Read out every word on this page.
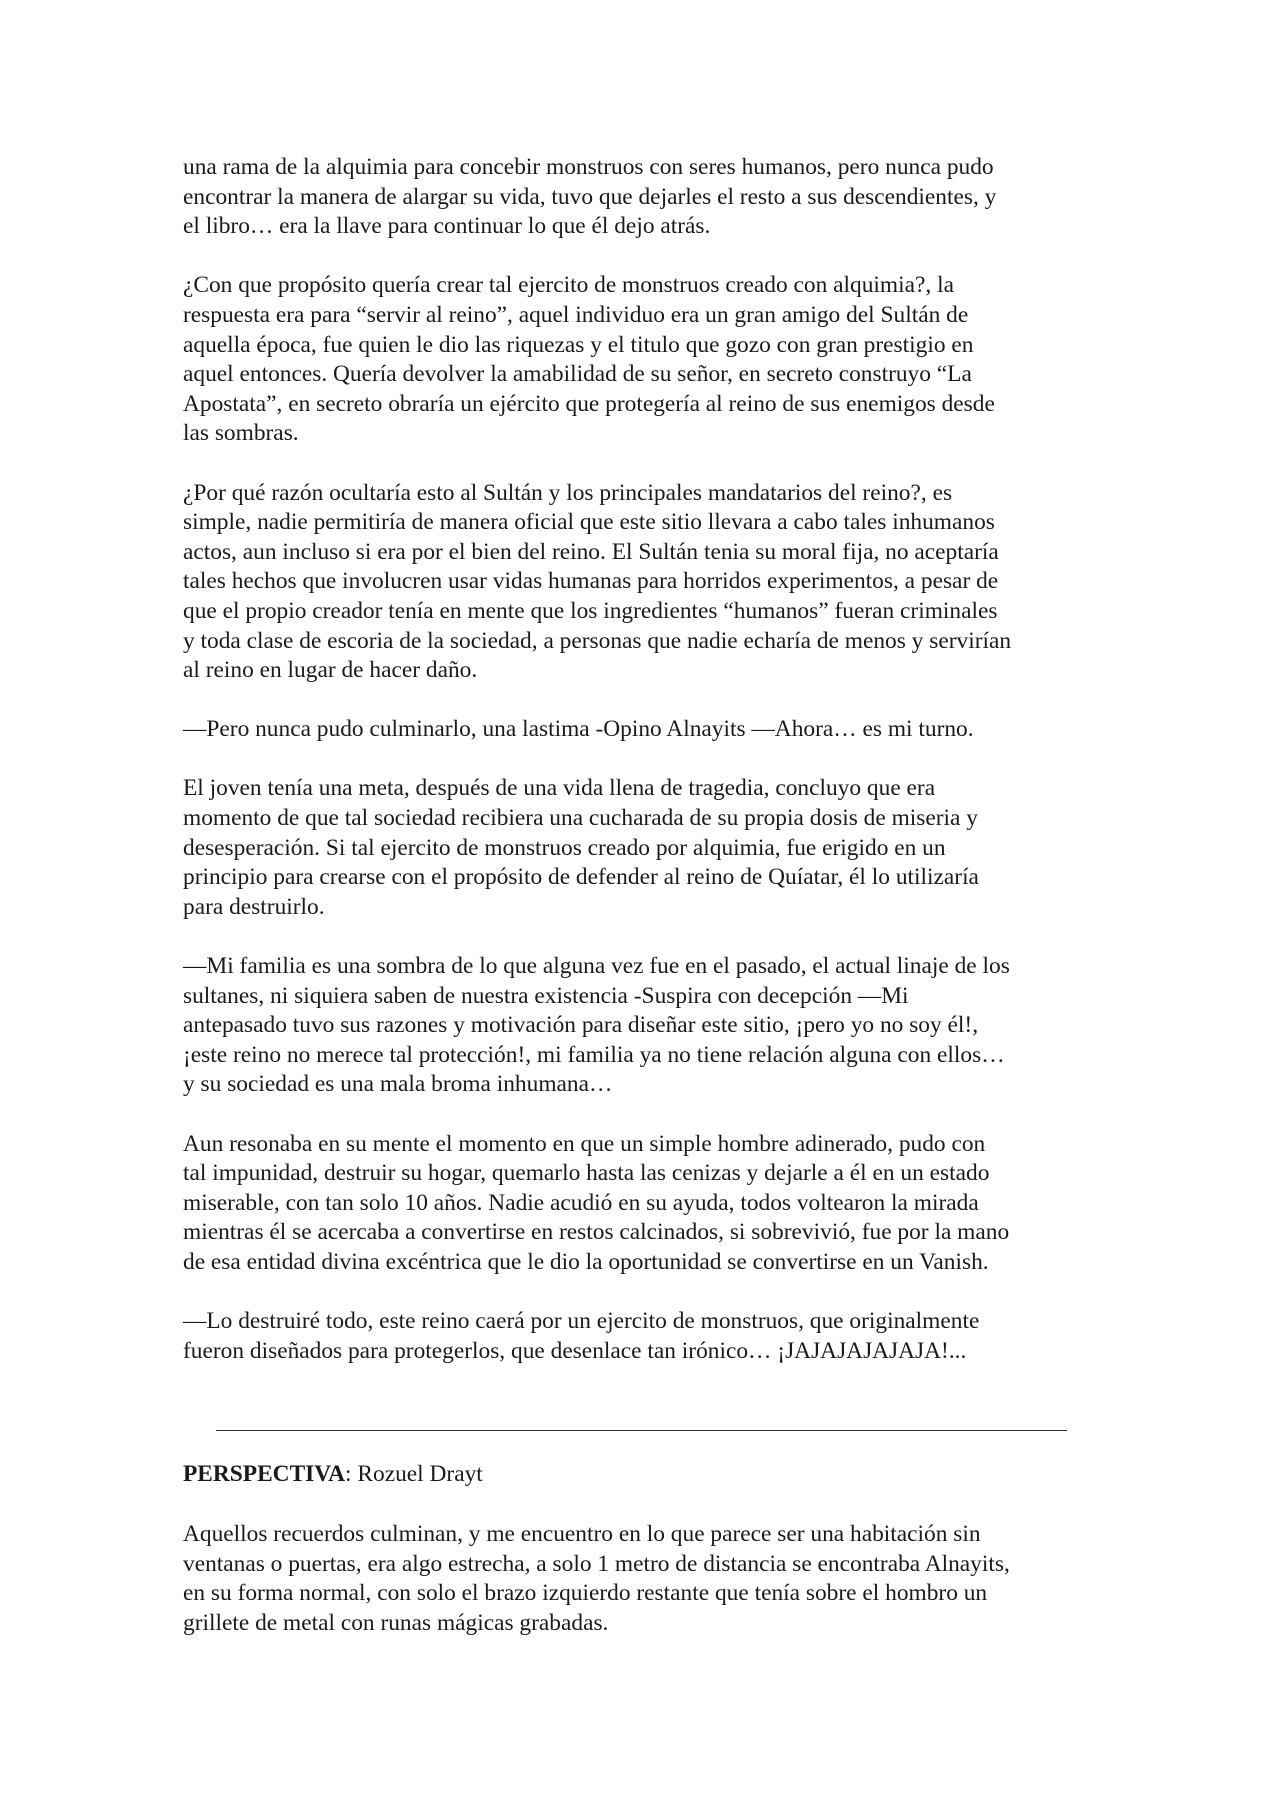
una rama de la alquimia para concebir monstruos con seres humanos, pero nunca pudo
encontrar la manera de alargar su vida, tuvo que dejarles el resto a sus descendientes, y
el libro… era la llave para continuar lo que él dejo atrás.

¿Con que propósito quería crear tal ejercito de monstruos creado con alquimia?, la
respuesta era para “servir al reino”, aquel individuo era un gran amigo del Sultán de
aquella época, fue quien le dio las riquezas y el titulo que gozo con gran prestigio en
aquel entonces. Quería devolver la amabilidad de su señor, en secreto construyo “La
Apostata”, en secreto obraría un ejército que protegería al reino de sus enemigos desde
las sombras.

¿Por qué razón ocultaría esto al Sultán y los principales mandatarios del reino?, es
simple, nadie permitiría de manera oficial que este sitio llevara a cabo tales inhumanos
actos, aun incluso si era por el bien del reino. El Sultán tenia su moral fija, no aceptaría
tales hechos que involucren usar vidas humanas para horridos experimentos, a pesar de
que el propio creador tenía en mente que los ingredientes “humanos” fueran criminales
y toda clase de escoria de la sociedad, a personas que nadie echaría de menos y servirían
al reino en lugar de hacer daño.

—Pero nunca pudo culminarlo, una lastima -Opino Alnayits —Ahora… es mi turno.

El joven tenía una meta, después de una vida llena de tragedia, concluyo que era
momento de que tal sociedad recibiera una cucharada de su propia dosis de miseria y
desesperación. Si tal ejercito de monstruos creado por alquimia, fue erigido en un
principio para crearse con el propósito de defender al reino de Quíatar, él lo utilizaría
para destruirlo.

—Mi familia es una sombra de lo que alguna vez fue en el pasado, el actual linaje de los
sultanes, ni siquiera saben de nuestra existencia -Suspira con decepción —Mi
antepasado tuvo sus razones y motivación para diseñar este sitio, ¡pero yo no soy él!,
¡este reino no merece tal protección!, mi familia ya no tiene relación alguna con ellos…
y su sociedad es una mala broma inhumana…

Aun resonaba en su mente el momento en que un simple hombre adinerado, pudo con
tal impunidad, destruir su hogar, quemarlo hasta las cenizas y dejarle a él en un estado
miserable, con tan solo 10 años. Nadie acudió en su ayuda, todos voltearon la mirada
mientras él se acercaba a convertirse en restos calcinados, si sobrevivió, fue por la mano
de esa entidad divina excéntrica que le dio la oportunidad se convertirse en un Vanish.

—Lo destruiré todo, este reino caerá por un ejercito de monstruos, que originalmente
fueron diseñados para protegerlos, que desenlace tan irónico… ¡JAJAJAJAJAJA!...

PERSPECTIVA: Rozuel Drayt

Aquellos recuerdos culminan, y me encuentro en lo que parece ser una habitación sin
ventanas o puertas, era algo estrecha, a solo 1 metro de distancia se encontraba Alnayits,
en su forma normal, con solo el brazo izquierdo restante que tenía sobre el hombro un
grillete de metal con runas mágicas grabadas.
